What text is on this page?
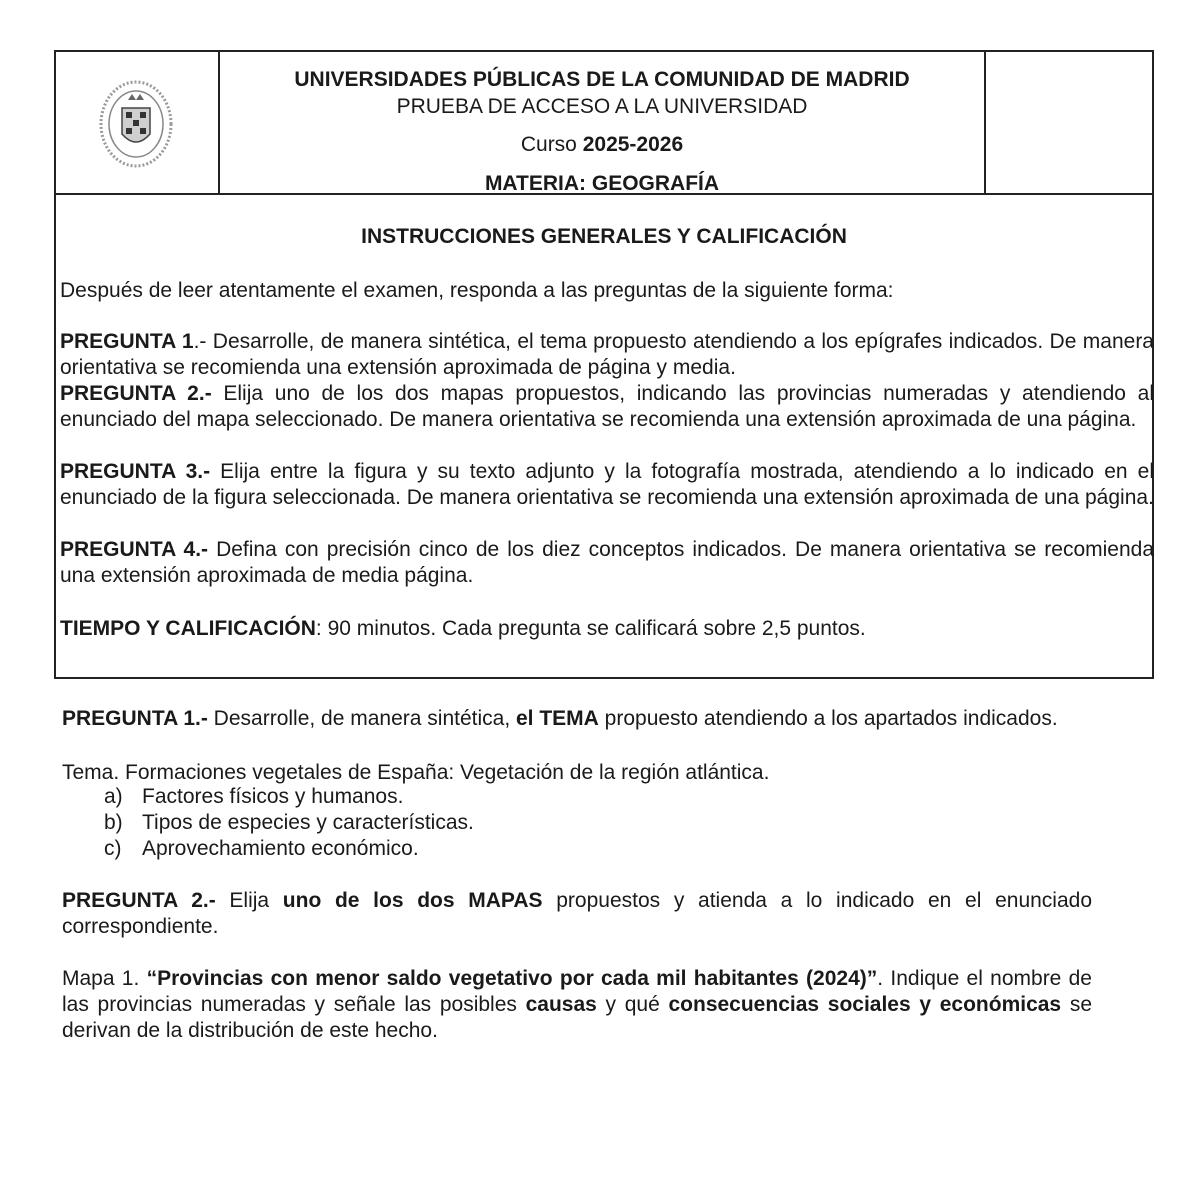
UNIVERSIDADES PÚBLICAS DE LA COMUNIDAD DE MADRID
PRUEBA DE ACCESO A LA UNIVERSIDAD
Curso 2025-2026
MATERIA: GEOGRAFÍA
INSTRUCCIONES GENERALES Y CALIFICACIÓN
Después de leer atentamente el examen, responda a las preguntas de la siguiente forma:

PREGUNTA 1.- Desarrolle, de manera sintética, el tema propuesto atendiendo a los epígrafes indicados. De manera orientativa se recomienda una extensión aproximada de página y media.

PREGUNTA 2.- Elija uno de los dos mapas propuestos, indicando las provincias numeradas y atendiendo al enunciado del mapa seleccionado. De manera orientativa se recomienda una extensión aproximada de una página.

PREGUNTA 3.- Elija entre la figura y su texto adjunto y la fotografía mostrada, atendiendo a lo indicado en el enunciado de la figura seleccionada. De manera orientativa se recomienda una extensión aproximada de una página.

PREGUNTA 4.- Defina con precisión cinco de los diez conceptos indicados. De manera orientativa se recomienda una extensión aproximada de media página.

TIEMPO Y CALIFICACIÓN: 90 minutos. Cada pregunta se calificará sobre 2,5 puntos.

PREGUNTA 1.- Desarrolle, de manera sintética, el TEMA propuesto atendiendo a los apartados indicados.

Tema. Formaciones vegetales de España: Vegetación de la región atlántica.
a) Factores físicos y humanos.
b) Tipos de especies y características.
c) Aprovechamiento económico.

PREGUNTA 2.- Elija uno de los dos MAPAS propuestos y atienda a lo indicado en el enunciado correspondiente.

Mapa 1. “Provincias con menor saldo vegetativo por cada mil habitantes (2024)”. Indique el nombre de las provincias numeradas y señale las posibles causas y qué consecuencias sociales y económicas se derivan de la distribución de este hecho.
